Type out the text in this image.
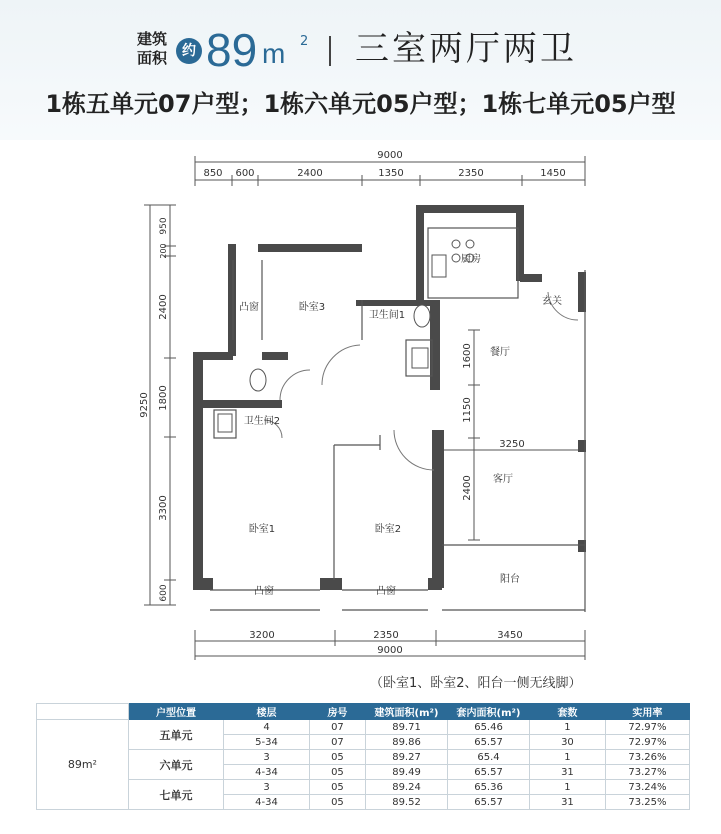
建筑
面积	约 89 m 2 三室两厅两卫
1栋五单元07户型；1栋六单元05户型；1栋七单元05户型
9000
850 600	2400	1350	2350	1450
9250
950
200
2400
1800
3300
600
1600
1150
2400
3250
厨房
玄关
凸窗	卧室3
卫生间1
餐厅
卫生间2
客厅
卧室1	卧室2
凸窗	凸窗
阳台
3200	2350	3450
9000
（卧室1、卧室2、阳台一侧无线脚）
	户型位置	楼层	房号	建筑面积(m²)	套内面积(m²)	套数	实用率
89m²	五单元	4	07	89.71	65.46	1	72.97%
		5-34	07	89.86	65.57	30	72.97%
	六单元	3	05	89.27	65.4	1	73.26%
		4-34	05	89.49	65.57	31	73.27%
	七单元	3	05	89.24	65.36	1	73.24%
		4-34	05	89.52	65.57	31	73.25%
